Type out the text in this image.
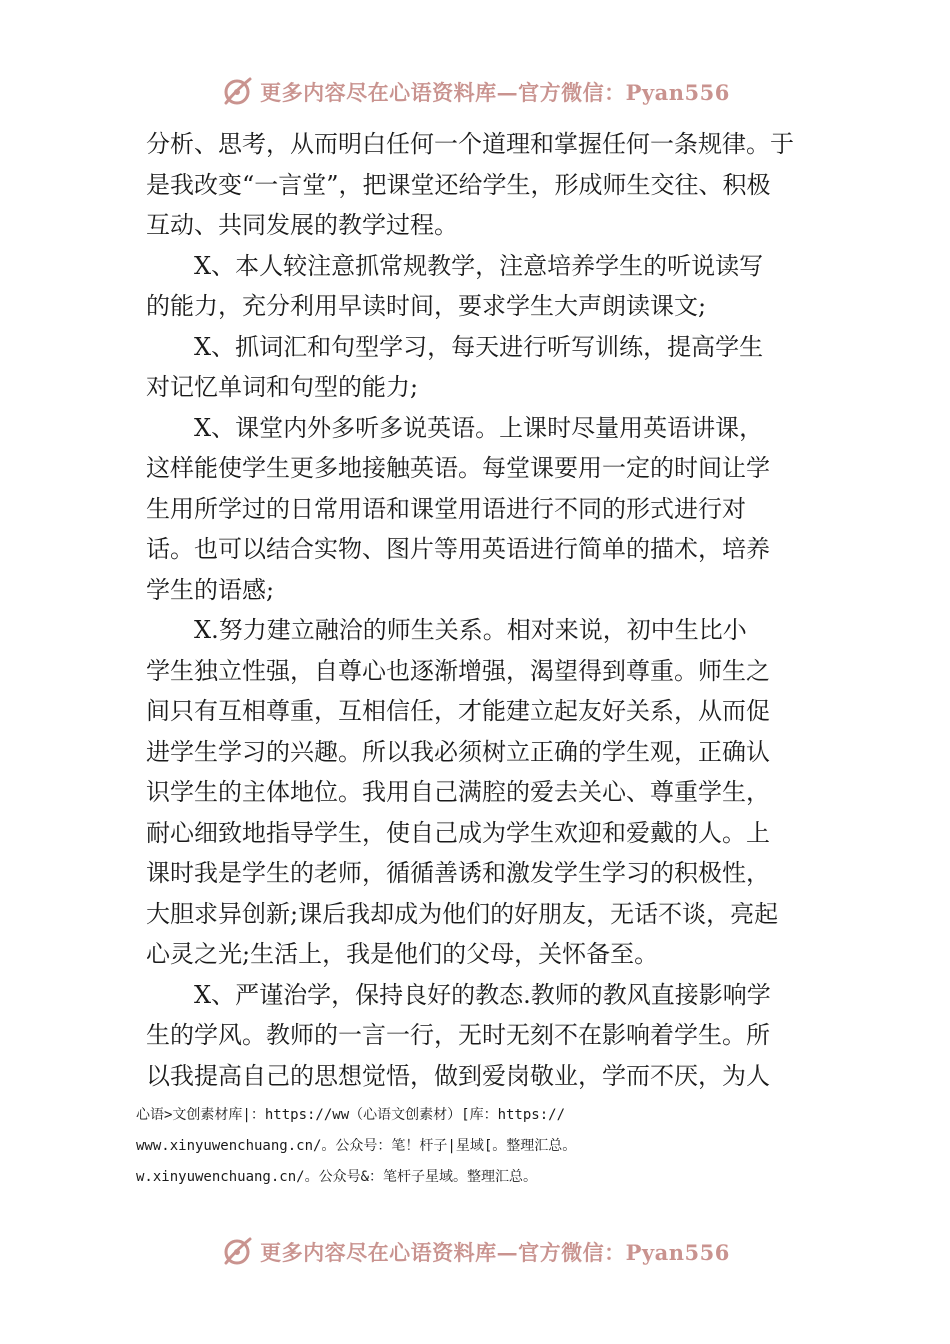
更多内容尽在心语资料库—官方微信：Pyan556
分析、思考，从而明白任何一个道理和掌握任何一条规律。于
是我改变“一言堂”，把课堂还给学生，形成师生交往、积极
互动、共同发展的教学过程。
X、本人较注意抓常规教学，注意培养学生的听说读写
的能力，充分利用早读时间，要求学生大声朗读课文;
X、抓词汇和句型学习，每天进行听写训练，提高学生
对记忆单词和句型的能力;
X、课堂内外多听多说英语。上课时尽量用英语讲课，
这样能使学生更多地接触英语。每堂课要用一定的时间让学
生用所学过的日常用语和课堂用语进行不同的形式进行对
话。也可以结合实物、图片等用英语进行简单的描术，培养
学生的语感;
X.努力建立融洽的师生关系。相对来说，初中生比小
学生独立性强，自尊心也逐渐增强，渴望得到尊重。师生之
间只有互相尊重，互相信任，才能建立起友好关系，从而促
进学生学习的兴趣。所以我必须树立正确的学生观，正确认
识学生的主体地位。我用自己满腔的爱去关心、尊重学生，
耐心细致地指导学生，使自己成为学生欢迎和爱戴的人。上
课时我是学生的老师，循循善诱和激发学生学习的积极性，
大胆求异创新;课后我却成为他们的好朋友，无话不谈，亮起
心灵之光;生活上，我是他们的父母，关怀备至。
X、严谨治学，保持良好的教态.教师的教风直接影响学
生的学风。教师的一言一行，无时无刻不在影响着学生。所
以我提高自己的思想觉悟，做到爱岗敬业，学而不厌，为人
心语>文创素材库|：https://ww（心语文创素材）[库：https://
www.xinyuwenchuang.cn/。公众号：笔！杆子|星域[。整理汇总。
w.xinyuwenchuang.cn/。公众号&：笔杆子星域。整理汇总。
更多内容尽在心语资料库—官方微信：Pyan556
